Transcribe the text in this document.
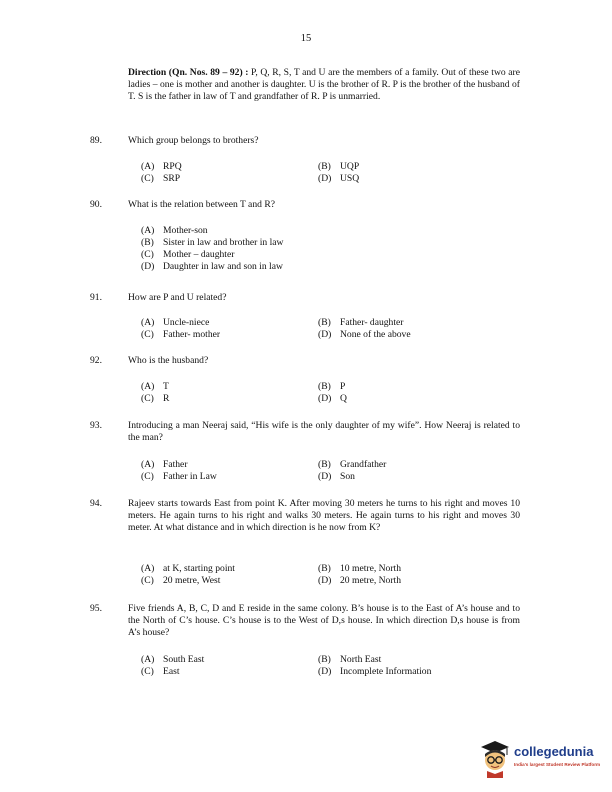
15
Direction (Qn. Nos. 89 – 92) : P, Q, R, S, T and U are the members of a family. Out of these two are ladies – one is mother and another is daughter. U is the brother of R. P is the brother of the husband of T. S is the father in law of T and grandfather of R. P is unmarried.
89.	Which group belongs to brothers?
(A) RPQ	(B) UQP
(C) SRP	(D) USQ
90.	What is the relation between T and R?
(A) Mother-son
(B) Sister in law and brother in law
(C) Mother – daughter
(D) Daughter in law and son in law
91.	How are P and U related?
(A) Uncle-niece	(B) Father- daughter
(C) Father- mother	(D) None of the above
92.	Who is the husband?
(A) T	(B) P
(C) R	(D) Q
93.	Introducing a man Neeraj said, “His wife is the only daughter of my wife”. How Neeraj is related to the man?
(A) Father	(B) Grandfather
(C) Father in Law	(D) Son
94.	Rajeev starts towards East from point K. After moving 30 meters he turns to his right and moves 10 meters. He again turns to his right and walks 30 meters. He again turns to his right and moves 30 meter. At what distance and in which direction is he now from K?
(A) at K, starting point	(B) 10 metre, North
(C) 20 metre, West	(D) 20 metre, North
95.	Five friends A, B, C, D and E reside in the same colony. B’s house is to the East of A’s house and to the North of C’s house. C’s house is to the West of D,s house. In which direction D,s house is from A’s house?
(A) South East	(B) North East
(C) East	(D) Incomplete Information
collegedunia
India's largest Student Review Platform
